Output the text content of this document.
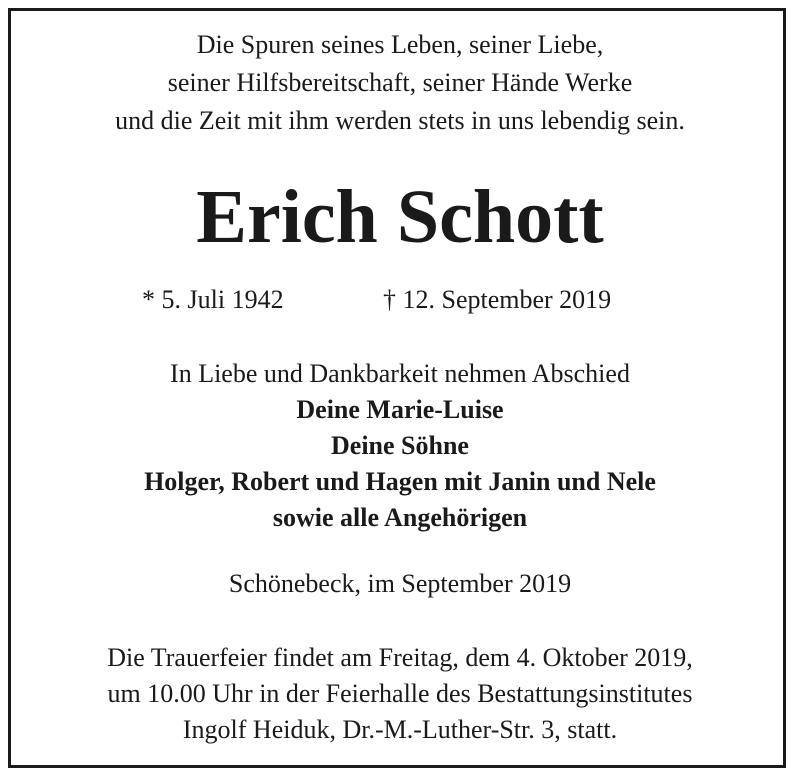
Die Spuren seines Leben, seiner Liebe,
seiner Hilfsbereitschaft, seiner Hände Werke
und die Zeit mit ihm werden stets in uns lebendig sein.
Erich Schott
* 5. Juli 1942	† 12. September 2019
In Liebe und Dankbarkeit nehmen Abschied
Deine Marie-Luise
Deine Söhne
Holger, Robert und Hagen mit Janin und Nele
sowie alle Angehörigen
Schönebeck, im September 2019
Die Trauerfeier findet am Freitag, dem 4. Oktober 2019,
um 10.00 Uhr in der Feierhalle des Bestattungsinstitutes
Ingolf Heiduk, Dr.-M.-Luther-Str. 3, statt.
